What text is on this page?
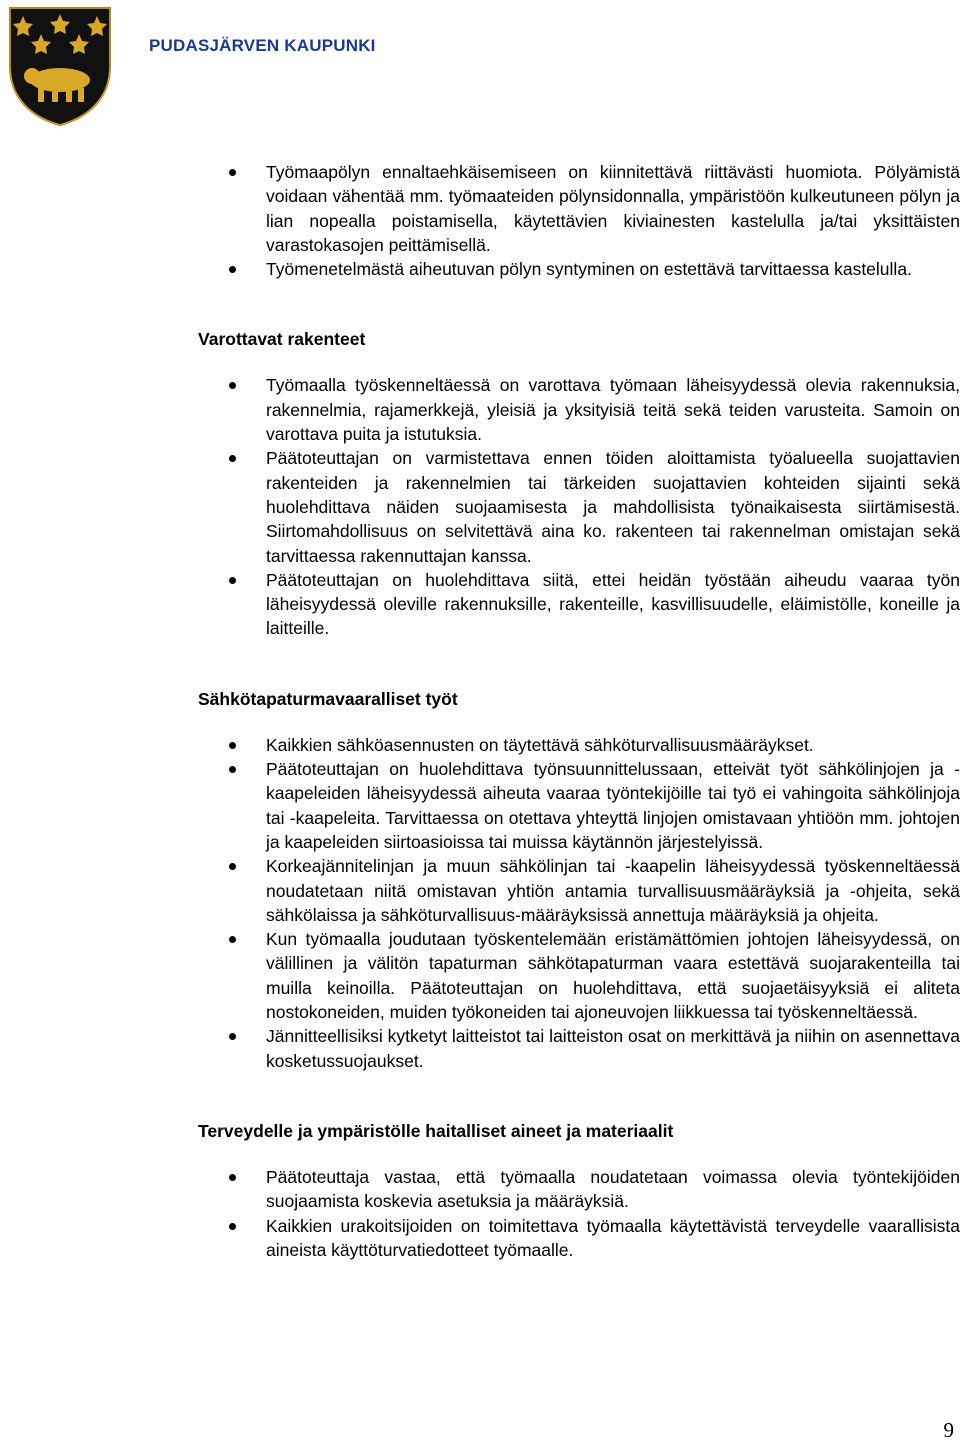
PUDASJÄRVEN KAUPUNKI
Työmaapölyn ennaltaehkäisemiseen on kiinnitettävä riittävästi huomiota. Pölyämistä voidaan vähentää mm. työmaateiden pölynsidonnalla, ympäristöön kulkeutuneen pölyn ja lian nopealla poistamisella, käytettävien kiviainesten kastelulla ja/tai yksittäisten varastokasojen peittämisellä.
Työmenetelmästä aiheutuvan pölyn syntyminen on estettävä tarvittaessa kastelulla.
Varottavat rakenteet
Työmaalla työskenneltäessä on varottava työmaan läheisyydessä olevia rakennuksia, rakennelmia, rajamerkkejä, yleisiä ja yksityisiä teitä sekä teiden varusteita. Samoin on varottava puita ja istutuksia.
Päätoteuttajan on varmistettava ennen töiden aloittamista työalueella suojattavien rakenteiden ja rakennelmien tai tärkeiden suojattavien kohteiden sijainti sekä huolehdittava näiden suojaamisesta ja mahdollisista työnaikaisesta siirtämisestä. Siirtomahdollisuus on selvitettävä aina ko. rakenteen tai rakennelman omistajan sekä tarvittaessa rakennuttajan kanssa.
Päätoteuttajan on huolehdittava siitä, ettei heidän työstään aiheudu vaaraa työn läheisyydessä oleville rakennuksille, rakenteille, kasvillisuudelle, eläimistölle, koneille ja laitteille.
Sähkötapaturmavaaralliset työt
Kaikkien sähköasennusten on täytettävä sähköturvallisuusmääräykset.
Päätoteuttajan on huolehdittava työnsuunnittelussaan, etteivät työt sähkölinjojen ja -kaapeleiden läheisyydessä aiheuta vaaraa työntekijöille tai työ ei vahingoita sähkölinjoja tai -kaapeleita. Tarvittaessa on otettava yhteyttä linjojen omistavaan yhtiöön mm. johtojen ja kaapeleiden siirtoasioissa tai muissa käytännön järjestelyissä.
Korkeajännitelinjan ja muun sähkölinjan tai -kaapelin läheisyydessä työskenneltäessä noudatetaan niitä omistavan yhtiön antamia turvallisuusmääräyksiä ja -ohjeita, sekä sähkölaissa ja sähköturvallisuus-määräyksissä annettuja määräyksiä ja ohjeita.
Kun työmaalla joudutaan työskentelemään eristämättömien johtojen läheisyydessä, on välillinen ja välitön tapaturman sähkötapaturman vaara estettävä suojarakenteilla tai muilla keinoilla. Päätoteuttajan on huolehdittava, että suojaetäisyyksiä ei aliteta nostokoneiden, muiden työkoneiden tai ajoneuvojen liikkuessa tai työskenneltäessä.
Jännitteellisiksi kytketyt laitteistot tai laitteiston osat on merkittävä ja niihin on asennettava kosketussuojaukset.
Terveydelle ja ympäristölle haitalliset aineet ja materiaalit
Päätoteuttaja vastaa, että työmaalla noudatetaan voimassa olevia työntekijöiden suojaamista koskevia asetuksia ja määräyksiä.
Kaikkien urakoitsijoiden on toimitettava työmaalla käytettävistä terveydelle vaarallisista aineista käyttöturvatiedotteet työmaalle.
9
